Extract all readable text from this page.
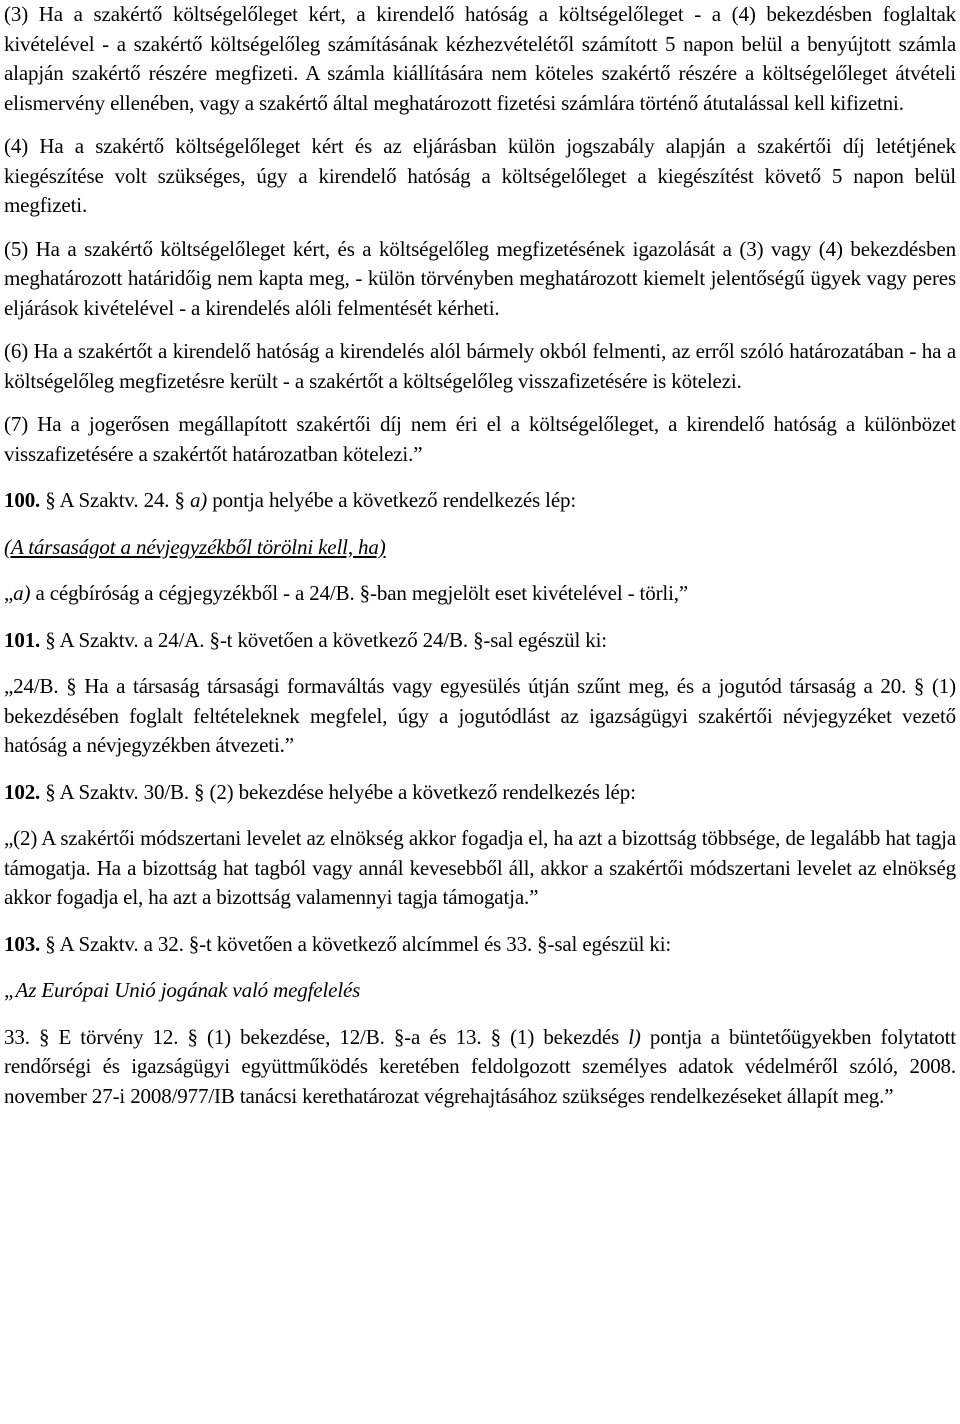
(3) Ha a szakértő költségelőleget kért, a kirendelő hatóság a költségelőleget - a (4) bekezdésben foglaltak kivételével - a szakértő költségelőleg számításának kézhezvételétől számított 5 napon belül a benyújtott számla alapján szakértő részére megfizeti. A számla kiállítására nem köteles szakértő részére a költségelőleget átvételi elismervény ellenében, vagy a szakértő által meghatározott fizetési számlára történő átutalással kell kifizetni.

(4) Ha a szakértő költségelőleget kért és az eljárásban külön jogszabály alapján a szakértői díj letétjének kiegészítése volt szükséges, úgy a kirendelő hatóság a költségelőleget a kiegészítést követő 5 napon belül megfizeti.

(5) Ha a szakértő költségelőleget kért, és a költségelőleg megfizetésének igazolását a (3) vagy (4) bekezdésben meghatározott határidőig nem kapta meg, - külön törvényben meghatározott kiemelt jelentőségű ügyek vagy peres eljárások kivételével - a kirendelés alóli felmentését kérheti.

(6) Ha a szakértőt a kirendelő hatóság a kirendelés alól bármely okból felmenti, az erről szóló határozatában - ha a költségelőleg megfizetésre került - a szakértőt a költségelőleg visszafizetésére is kötelezi.

(7) Ha a jogerősen megállapított szakértői díj nem éri el a költségelőleget, a kirendelő hatóság a különbözet visszafizetésére a szakértőt határozatban kötelezi.”

100. § A Szaktv. 24. § a) pontja helyébe a következő rendelkezés lép:

(A társaságot a névjegyzékből törölni kell, ha)

„a) a cégbíróság a cégjegyzékből - a 24/B. §-ban megjelölt eset kivételével - törli,”

101. § A Szaktv. a 24/A. §-t követően a következő 24/B. §-sal egészül ki:

„24/B. § Ha a társaság társasági formaváltás vagy egyesülés útján szűnt meg, és a jogutód társaság a 20. § (1) bekezdésében foglalt feltételeknek megfelel, úgy a jogutódlást az igazságügyi szakértői névjegyzéket vezető hatóság a névjegyzékben átvezeti.”

102. § A Szaktv. 30/B. § (2) bekezdése helyébe a következő rendelkezés lép:

„(2) A szakértői módszertani levelet az elnökség akkor fogadja el, ha azt a bizottság többsége, de legalább hat tagja támogatja. Ha a bizottság hat tagból vagy annál kevesebből áll, akkor a szakértői módszertani levelet az elnökség akkor fogadja el, ha azt a bizottság valamennyi tagja támogatja.”

103. § A Szaktv. a 32. §-t követően a következő alcímmel és 33. §-sal egészül ki:

„Az Európai Unió jogának való megfelelés

33. § E törvény 12. § (1) bekezdése, 12/B. §-a és 13. § (1) bekezdés l) pontja a büntetőügyekben folytatott rendőrségi és igazságügyi együttműködés keretében feldolgozott személyes adatok védelméről szóló, 2008. november 27-i 2008/977/IB tanácsi kerethatározat végrehajtásához szükséges rendelkezéseket állapít meg.”
